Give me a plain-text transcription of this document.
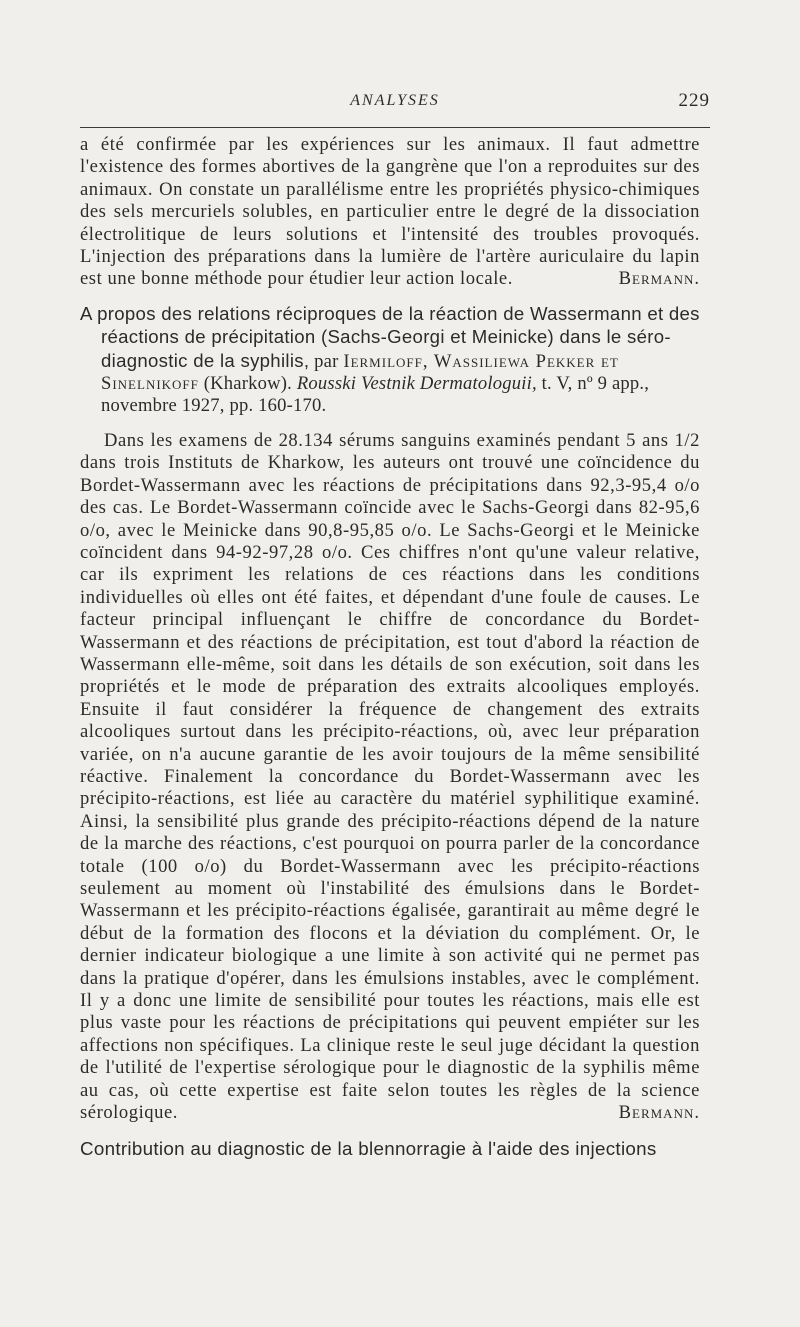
ANALYSES	229

a été confirmée par les expériences sur les animaux. Il faut admettre l'existence des formes abortives de la gangrène que l'on a reproduites sur des animaux. On constate un parallélisme entre les propriétés physico-chimiques des sels mercuriels solubles, en particulier entre le degré de la dissociation électrolitique de leurs solutions et l'intensité des troubles provoqués. L'injection des préparations dans la lumière de l'artère auriculaire du lapin est une bonne méthode pour étudier leur action locale.	Bermann.

A propos des relations réciproques de la réaction de Wassermann et des réactions de précipitation (Sachs-Georgi et Meinicke) dans le séro-diagnostic de la syphilis, par Iermiloff, Wassiliewa Pekker et Sinelnikoff (Kharkow). Rousski Vestnik Dermatologuii, t. V, nº 9 app., novembre 1927, pp. 160-170.

Dans les examens de 28.134 sérums sanguins examinés pendant 5 ans 1/2 dans trois Instituts de Kharkow, les auteurs ont trouvé une coïncidence du Bordet-Wassermann avec les réactions de précipitations dans 92,3-95,4 o/o des cas. Le Bordet-Wassermann coïncide avec le Sachs-Georgi dans 82-95,6 o/o, avec le Meinicke dans 90,8-95,85 o/o. Le Sachs-Georgi et le Meinicke coïncident dans 94-92-97,28 o/o. Ces chiffres n'ont qu'une valeur relative, car ils expriment les relations de ces réactions dans les conditions individuelles où elles ont été faites, et dépendant d'une foule de causes. Le facteur principal influençant le chiffre de concordance du Bordet-Wassermann et des réactions de précipitation, est tout d'abord la réaction de Wassermann elle-même, soit dans les détails de son exécution, soit dans les propriétés et le mode de préparation des extraits alcooliques employés. Ensuite il faut considérer la fréquence de changement des extraits alcooliques surtout dans les précipito-réactions, où, avec leur préparation variée, on n'a aucune garantie de les avoir toujours de la même sensibilité réactive. Finalement la concordance du Bordet-Wassermann avec les précipito-réactions, est liée au caractère du matériel syphilitique examiné. Ainsi, la sensibilité plus grande des précipito-réactions dépend de la nature de la marche des réactions, c'est pourquoi on pourra parler de la concordance totale (100 o/o) du Bordet-Wassermann avec les précipito-réactions seulement au moment où l'instabilité des émulsions dans le Bordet-Wassermann et les précipito-réactions égalisée, garantirait au même degré le début de la formation des flocons et la déviation du complément. Or, le dernier indicateur biologique a une limite à son activité qui ne permet pas dans la pratique d'opérer, dans les émulsions instables, avec le complément. Il y a donc une limite de sensibilité pour toutes les réactions, mais elle est plus vaste pour les réactions de précipitations qui peuvent empiéter sur les affections non spécifiques. La clinique reste le seul juge décidant la question de l'utilité de l'expertise sérologique pour le diagnostic de la syphilis même au cas, où cette expertise est faite selon toutes les règles de la science sérologique.	Bermann.

Contribution au diagnostic de la blennorragie à l'aide des injections
